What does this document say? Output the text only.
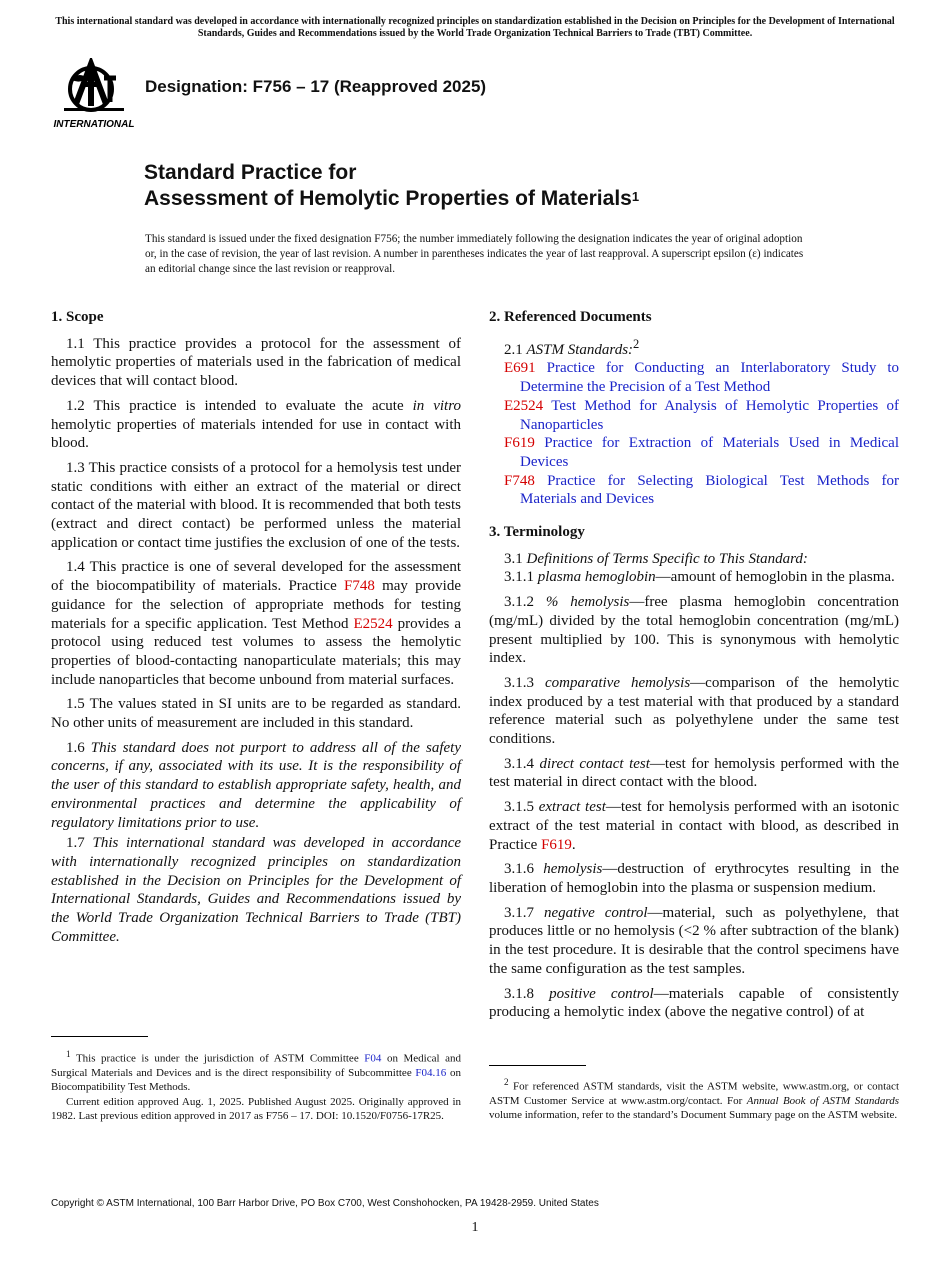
This international standard was developed in accordance with internationally recognized principles on standardization established in the Decision on Principles for the Development of International Standards, Guides and Recommendations issued by the World Trade Organization Technical Barriers to Trade (TBT) Committee.
INTERNATIONAL
Designation: F756 – 17 (Reapproved 2025)
Standard Practice for
Assessment of Hemolytic Properties of Materials$^1$
This standard is issued under the fixed designation F756; the number immediately following the designation indicates the year of original adoption or, in the case of revision, the year of last revision. A number in parentheses indicates the year of last reapproval. A superscript epsilon (ε) indicates an editorial change since the last revision or reapproval.
1. Scope

1.1 This practice provides a protocol for the assessment of hemolytic properties of materials used in the fabrication of medical devices that will contact blood.

1.2 This practice is intended to evaluate the acute in vitro hemolytic properties of materials intended for use in contact with blood.

1.3 This practice consists of a protocol for a hemolysis test under static conditions with either an extract of the material or direct contact of the material with blood. It is recommended that both tests (extract and direct contact) be performed unless the material application or contact time justifies the exclusion of one of the tests.

1.4 This practice is one of several developed for the assessment of the biocompatibility of materials. Practice F748 may provide guidance for the selection of appropriate methods for testing materials for a specific application. Test Method E2524 provides a protocol using reduced test volumes to assess the hemolytic properties of blood-contacting nanoparticulate materials; this may include nanoparticles that become unbound from material surfaces.

1.5 The values stated in SI units are to be regarded as standard. No other units of measurement are included in this standard.

1.6 This standard does not purport to address all of the safety concerns, if any, associated with its use. It is the responsibility of the user of this standard to establish appropriate safety, health, and environmental practices and determine the applicability of regulatory limitations prior to use.

1.7 This international standard was developed in accordance with internationally recognized principles on standardization established in the Decision on Principles for the Development of International Standards, Guides and Recommendations issued by the World Trade Organization Technical Barriers to Trade (TBT) Committee.

$^1$ This practice is under the jurisdiction of ASTM Committee F04 on Medical and Surgical Materials and Devices and is the direct responsibility of Subcommittee F04.16 on Biocompatibility Test Methods.

Current edition approved Aug. 1, 2025. Published August 2025. Originally approved in 1982. Last previous edition approved in 2017 as F756 – 17. DOI: 10.1520/F0756-17R25.

2. Referenced Documents

2.1 ASTM Standards:$^2$

E691 Practice for Conducting an Interlaboratory Study to Determine the Precision of a Test Method
E2524 Test Method for Analysis of Hemolytic Properties of Nanoparticles
F619 Practice for Extraction of Materials Used in Medical Devices
F748 Practice for Selecting Biological Test Methods for Materials and Devices
3. Terminology

3.1 Definitions of Terms Specific to This Standard:

3.1.1 plasma hemoglobin—amount of hemoglobin in the plasma.

3.1.2 % hemolysis—free plasma hemoglobin concentration (mg/mL) divided by the total hemoglobin concentration (mg/mL) present multiplied by 100. This is synonymous with hemolytic index.

3.1.3 comparative hemolysis—comparison of the hemolytic index produced by a test material with that produced by a standard reference material such as polyethylene under the same test conditions.

3.1.4 direct contact test—test for hemolysis performed with the test material in direct contact with the blood.

3.1.5 extract test—test for hemolysis performed with an isotonic extract of the test material in contact with blood, as described in Practice F619.

3.1.6 hemolysis—destruction of erythrocytes resulting in the liberation of hemoglobin into the plasma or suspension medium.

3.1.7 negative control—material, such as polyethylene, that produces little or no hemolysis (<2 % after subtraction of the blank) in the test procedure. It is desirable that the control specimens have the same configuration as the test samples.

3.1.8 positive control—materials capable of consistently producing a hemolytic index (above the negative control) of at

$^2$ For referenced ASTM standards, visit the ASTM website, www.astm.org, or contact ASTM Customer Service at www.astm.org/contact. For Annual Book of ASTM Standards volume information, refer to the standard’s Document Summary page on the ASTM website.

Copyright © ASTM International, 100 Barr Harbor Drive, PO Box C700, West Conshohocken, PA 19428-2959. United States
1
